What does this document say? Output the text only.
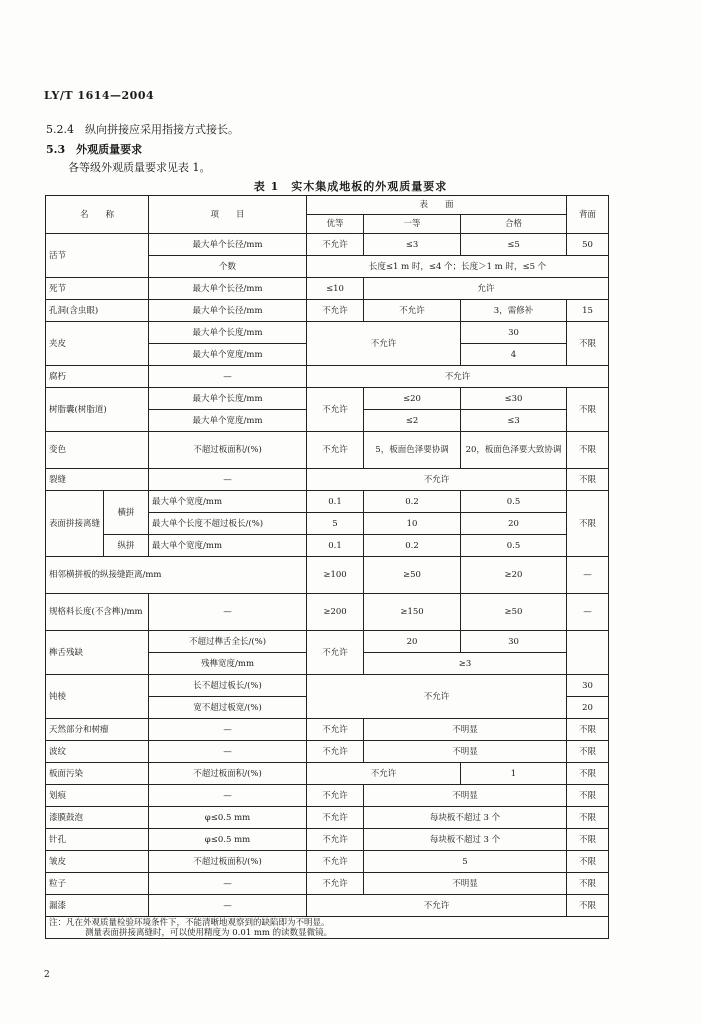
LY/T 1614—2004
5.2.4　纵向拼接应采用指接方式接长。
5.3　外观质量要求
各等级外观质量要求见表 1。
表 1　实木集成地板的外观质量要求
名　　称		项　　目	表　　面			背面
			优等	一等	合格	
活节		最大单个长径/mm	不允许	≤3	≤5	50
		个数	长度≤1 m 时，≤4 个；长度＞1 m 时，≤5 个			
死节		最大单个长径/mm	≤10	允许		
孔洞(含虫眼)		最大单个长径/mm	不允许	不允许	3，需修补	15
夹皮		最大单个长度/mm	不允许		30	不限
		最大单个宽度/mm			4	
腐朽		—	不允许			
树脂囊(树脂道)		最大单个长度/mm	不允许	≤20	≤30	不限
		最大单个宽度/mm		≤2	≤3	
变色		不超过板面积/(%)	不允许	5，板面色泽要协调	20，板面色泽要大致协调	不限
裂缝		—	不允许			不限
表面拼接离缝	横拼	最大单个宽度/mm	0.1	0.2	0.5	不限
		最大单个长度不超过板长/(%)	5	10	20	

	纵拼	最大单个宽度/mm	0.1	0.2	0.5	
相邻横拼板的纵接缝距离/mm			≥100	≥50	≥20	—
规格料长度(不含榫)/mm		—	≥200	≥150	≥50	—
榫舌残缺		不超过榫舌全长/(%)	不允许	20	30	
		残榫宽度/mm		≥3		
钝棱		长不超过板长/(%)	不允许			30
		宽不超过板宽/(%)				20
天然部分和树瘤		—	不允许	不明显		不限
波纹		—	不允许	不明显		不限
板面污染		不超过板面积/(%)	不允许		1	不限
划痕		—	不允许	不明显		不限
漆膜鼓泡		φ≤0.5 mm	不允许	每块板不超过 3 个		不限
针孔		φ≤0.5 mm	不允许	每块板不超过 3 个		不限
皱皮		不超过板面积/(%)	不允许	5		不限
粒子		—	不允许	不明显		不限
漏漆		—	不允许			不限

注：凡在外观质量检验环境条件下，不能清晰地观察到的缺陷即为不明显。
测量表面拼接离缝时，可以使用精度为 0.01 mm 的读数显微镜。						
2
